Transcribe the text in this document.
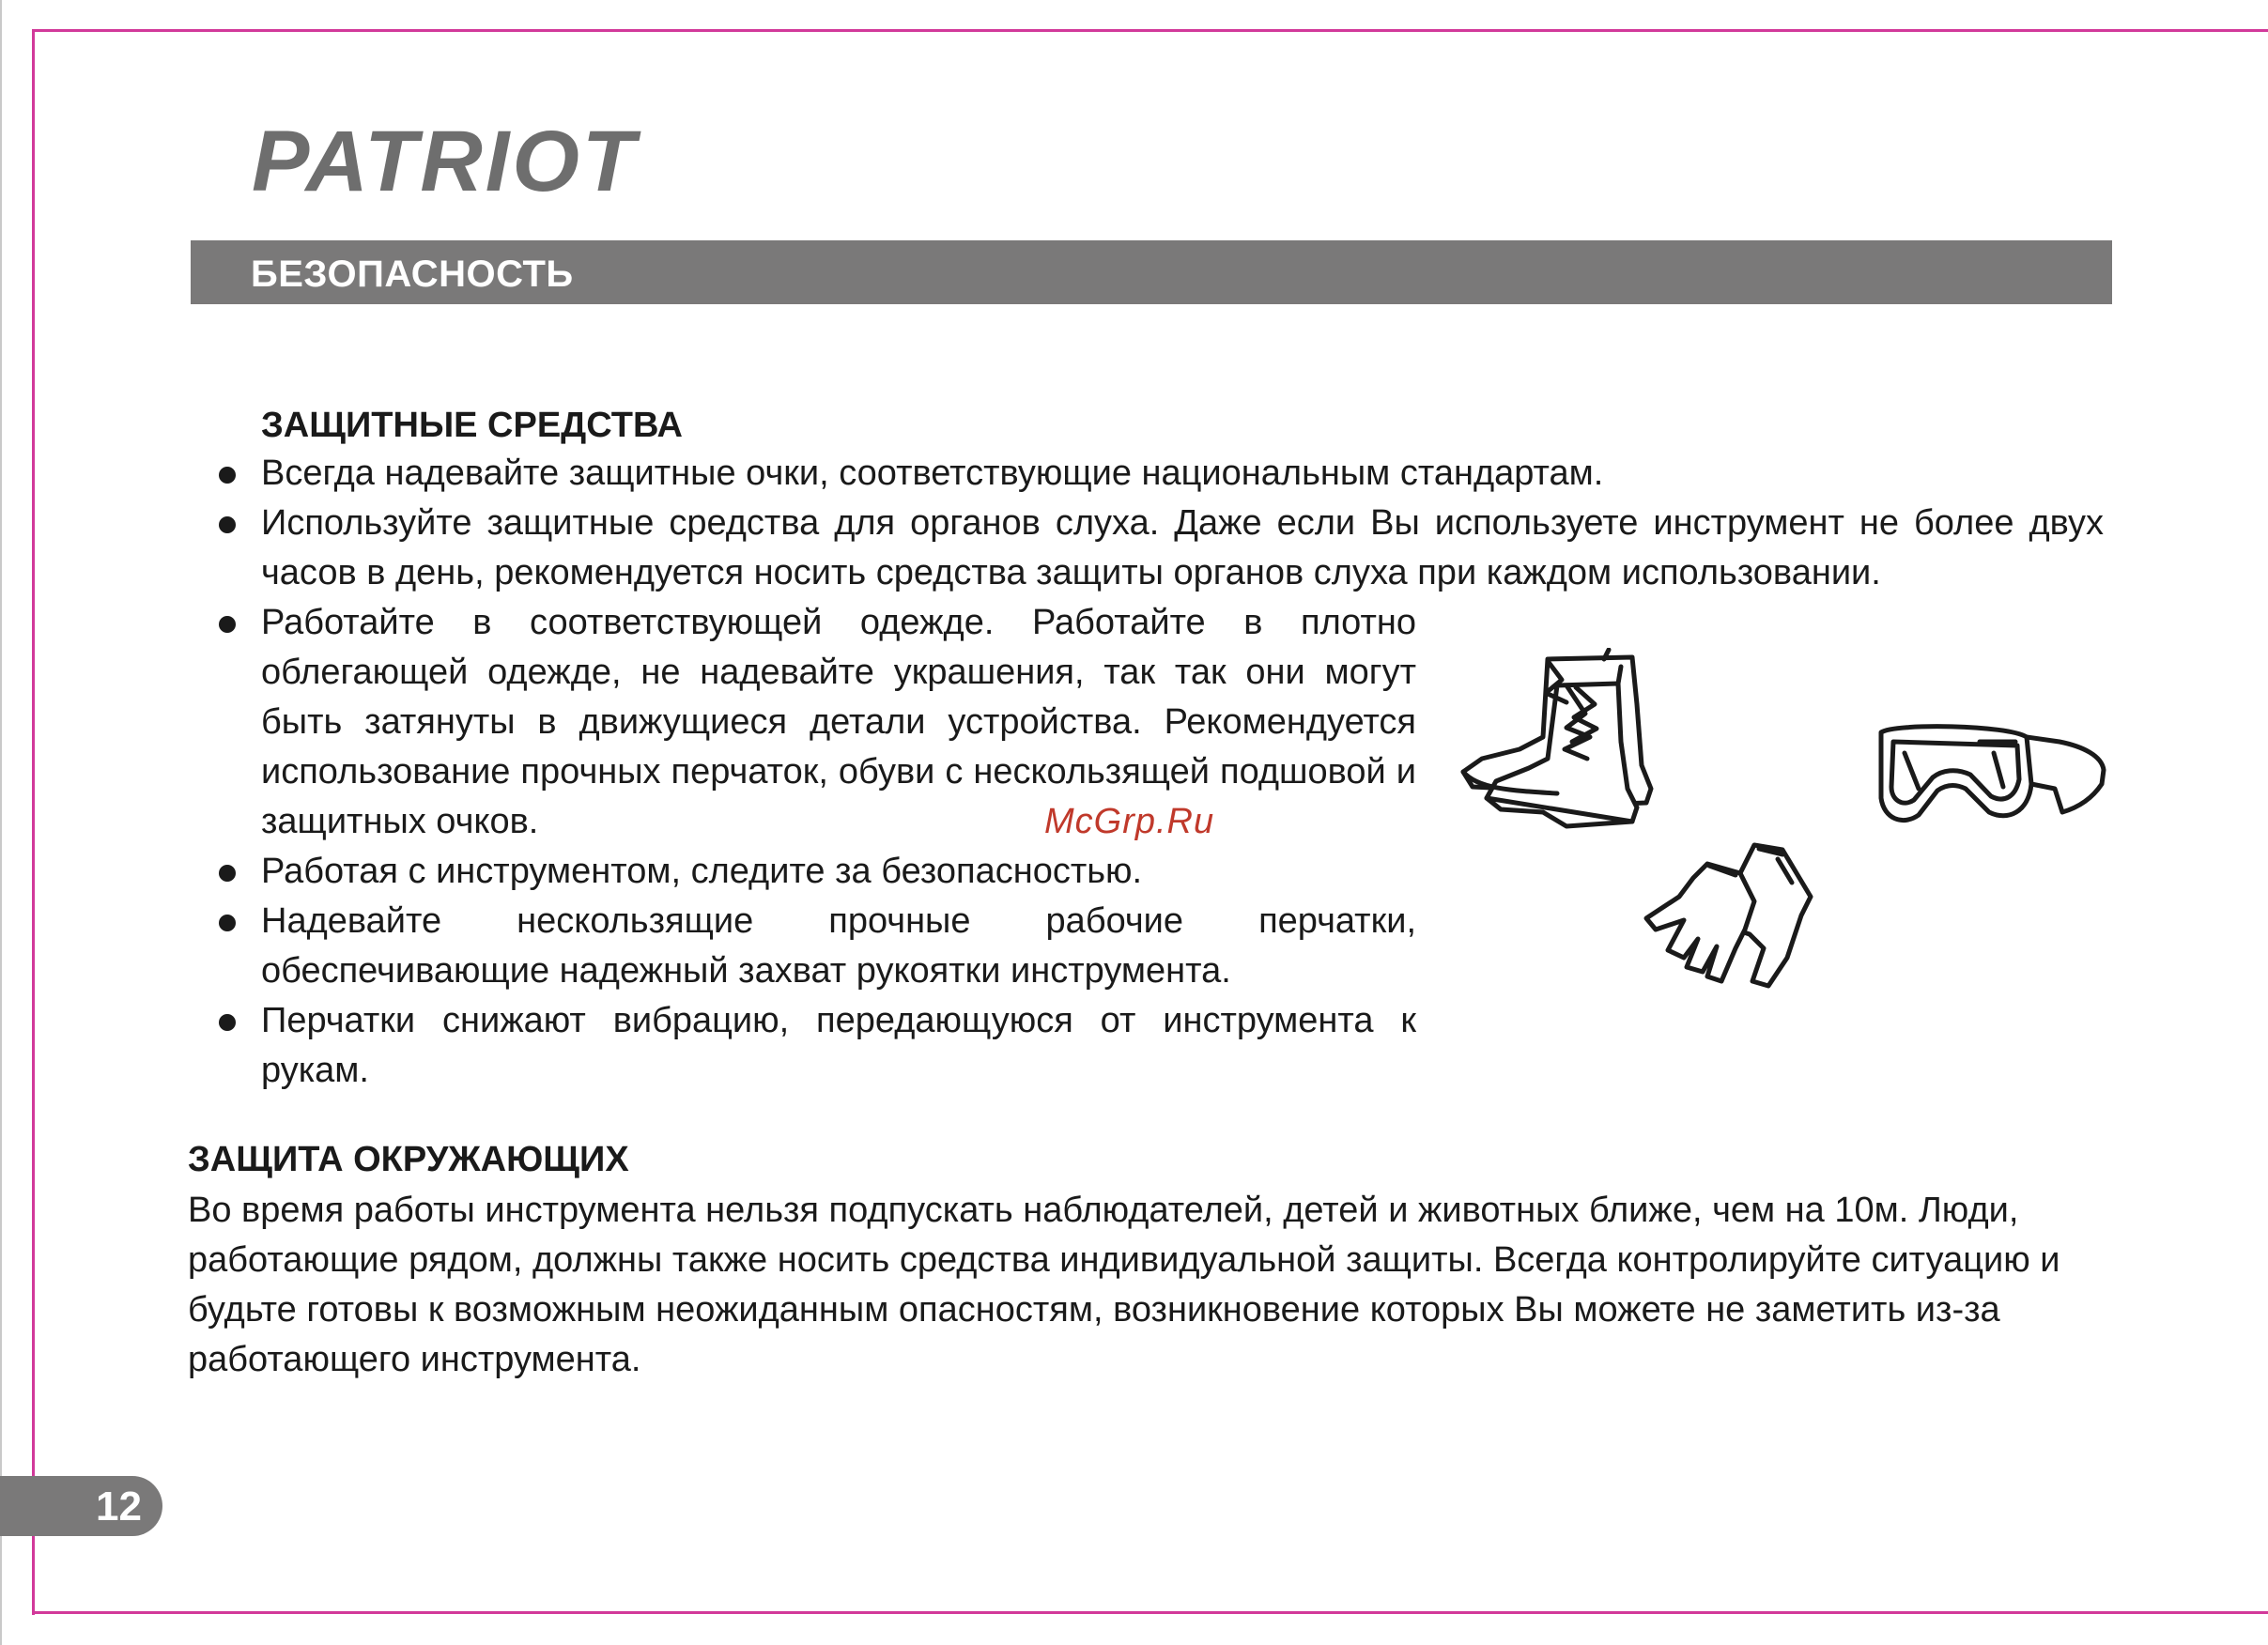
PATRIOT
БЕЗОПАСНОСТЬ
ЗАЩИТНЫЕ СРЕДСТВА
Всегда надевайте защитные очки, соответствующие национальным стандартам.
Используйте защитные средства для органов слуха. Даже если Вы используете инструмент не более двух часов в день, рекомендуется носить средства защиты органов слуха при каждом использовании.
Работайте в соответствующей одежде. Работайте в плотно облегающей одежде, не надевайте украшения, так так они могут быть затянуты в движущиеся детали устройства. Рекомендуется использование прочных перчаток, обуви с нескользящей подшовой и защитных очков.
Работая с инструментом, следите за безопасностью.
Надевайте нескользящие прочные рабочие перчатки, обеспечивающие надежный захват рукоятки инструмента.
Перчатки снижают вибрацию, передающуюся от инструмента к рукам.
McGrp.Ru
ЗАЩИТА ОКРУЖАЮЩИХ

Во время работы инструмента нельзя подпускать наблюдателей, детей и животных ближе, чем на 10м. Люди, работающие рядом, должны также носить средства индивидуальной защиты. Всегда контролируйте ситуацию и будьте готовы к возможным неожиданным опасностям, возникновение которых Вы можете не заметить из-за работающего инструмента.

12
